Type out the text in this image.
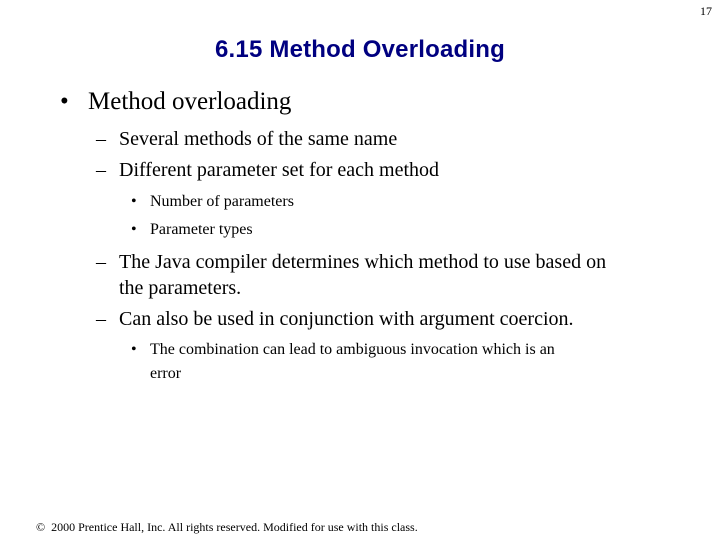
17
6.15 Method Overloading
• Method overloading
– Several methods of the same name
– Different parameter set for each method
• Number of parameters
• Parameter types
– The Java compiler determines which method to use based on
the parameters.
– Can also be used in conjunction with argument coercion.
• The combination can lead to ambiguous invocation which is an
error
© 2000 Prentice Hall, Inc. All rights reserved. Modified for use with this class.
